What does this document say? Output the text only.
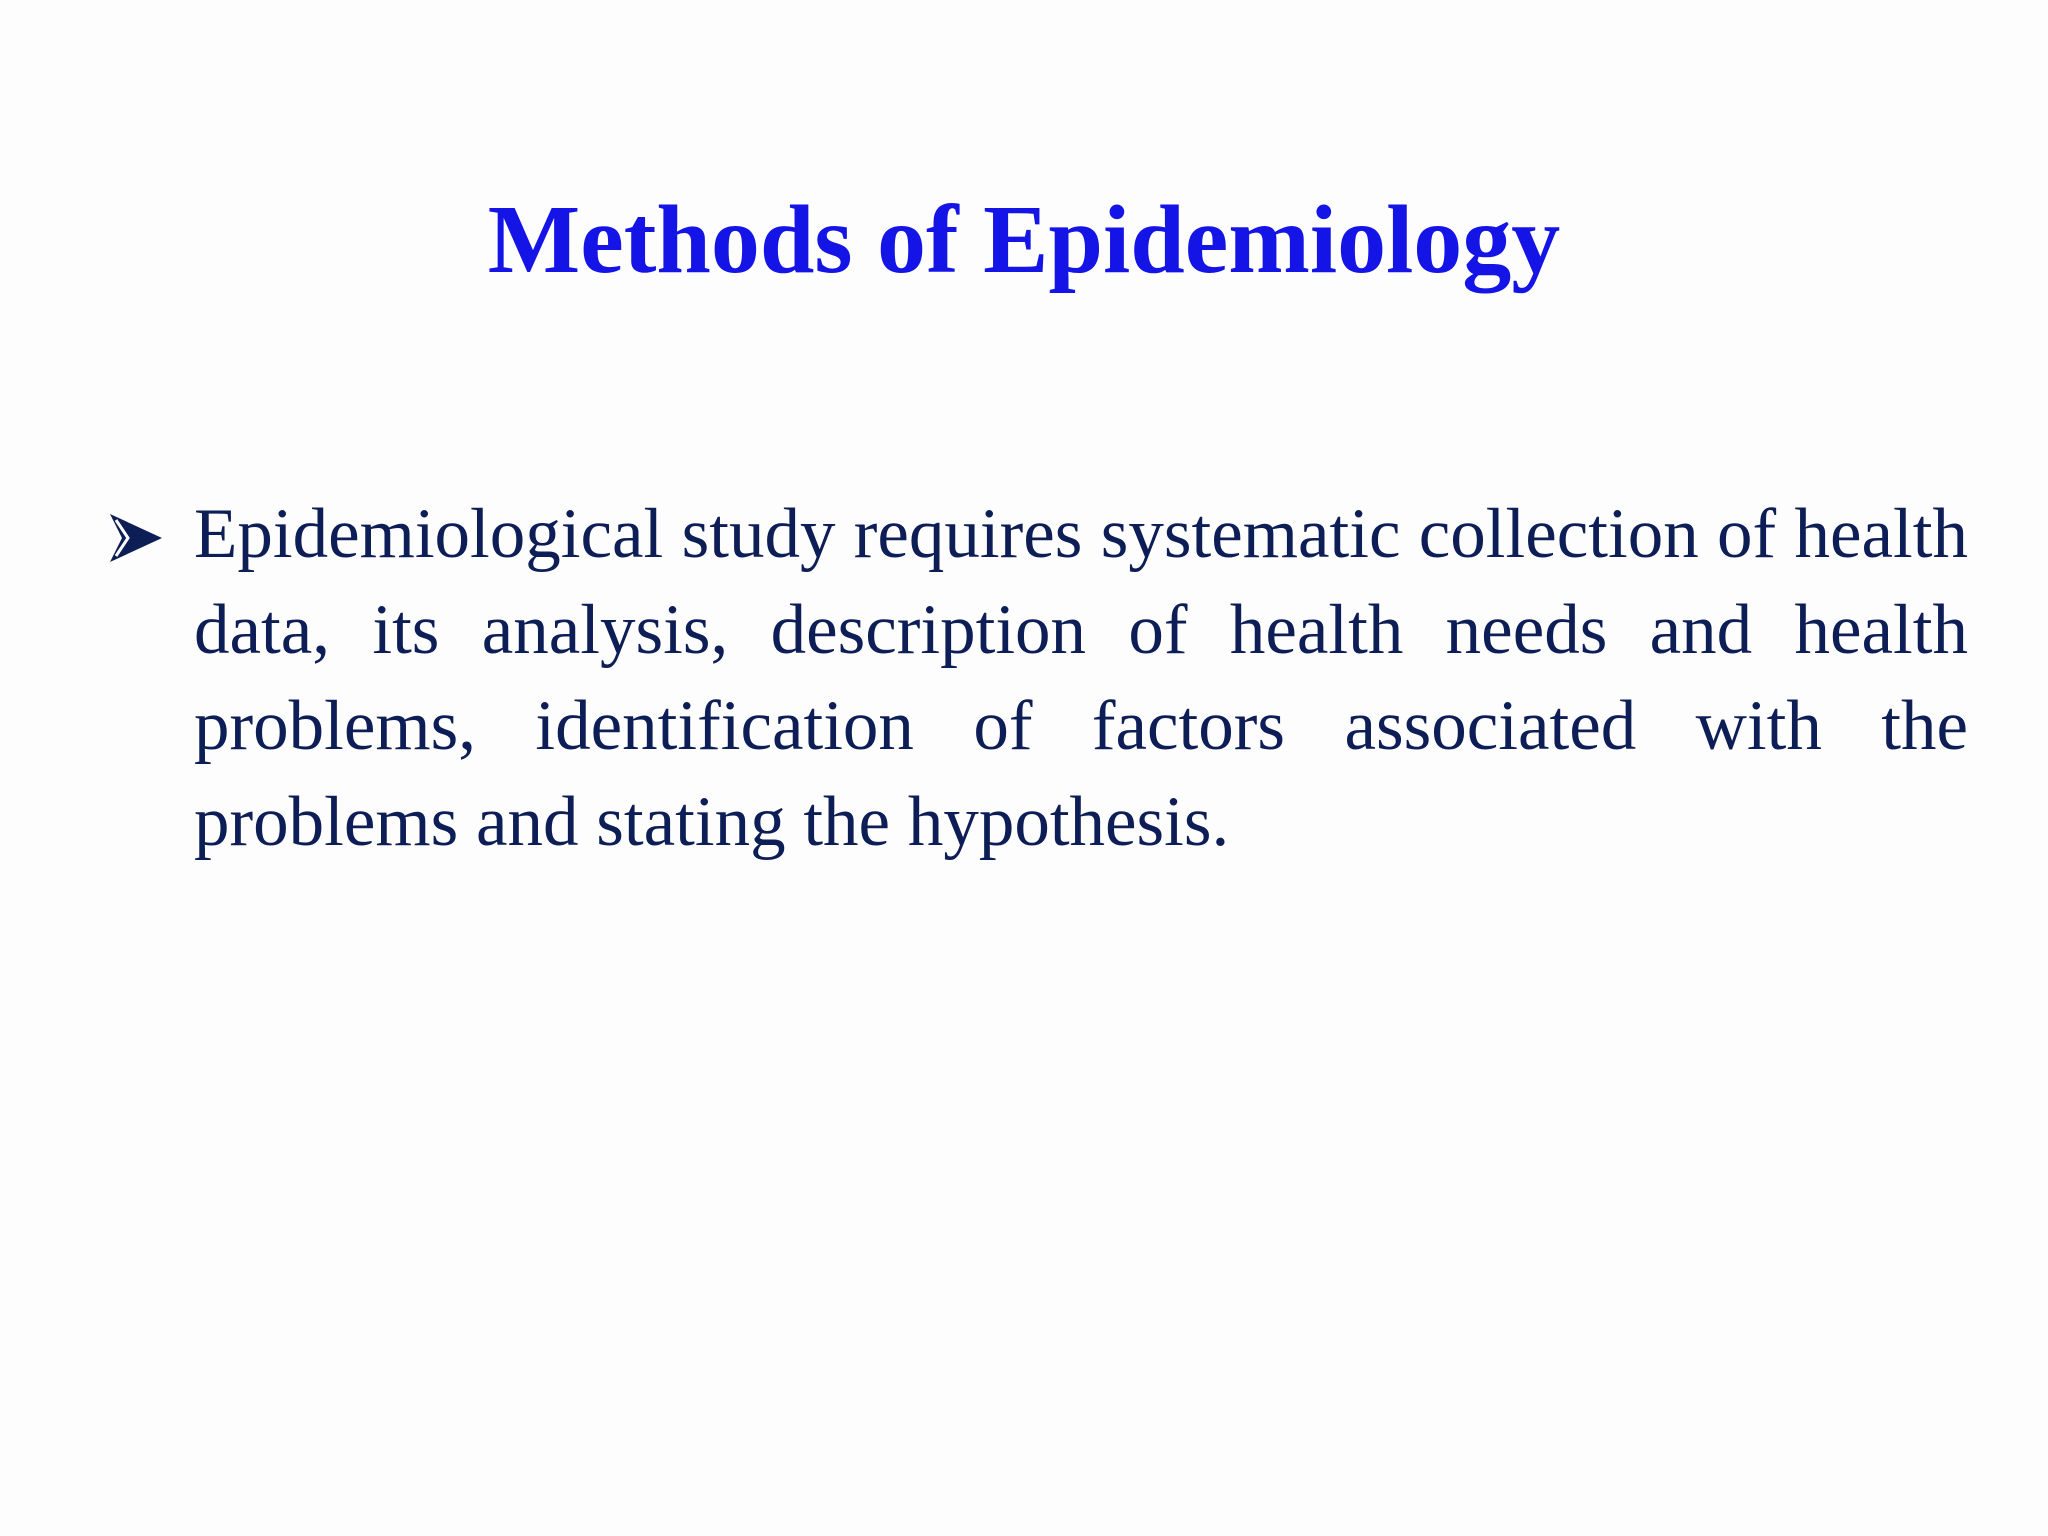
Methods of Epidemiology

Epidemiological study requires systematic collection of health data, its analysis, description of health needs and health problems, identification of factors associated with the problems and stating the hypothesis.
